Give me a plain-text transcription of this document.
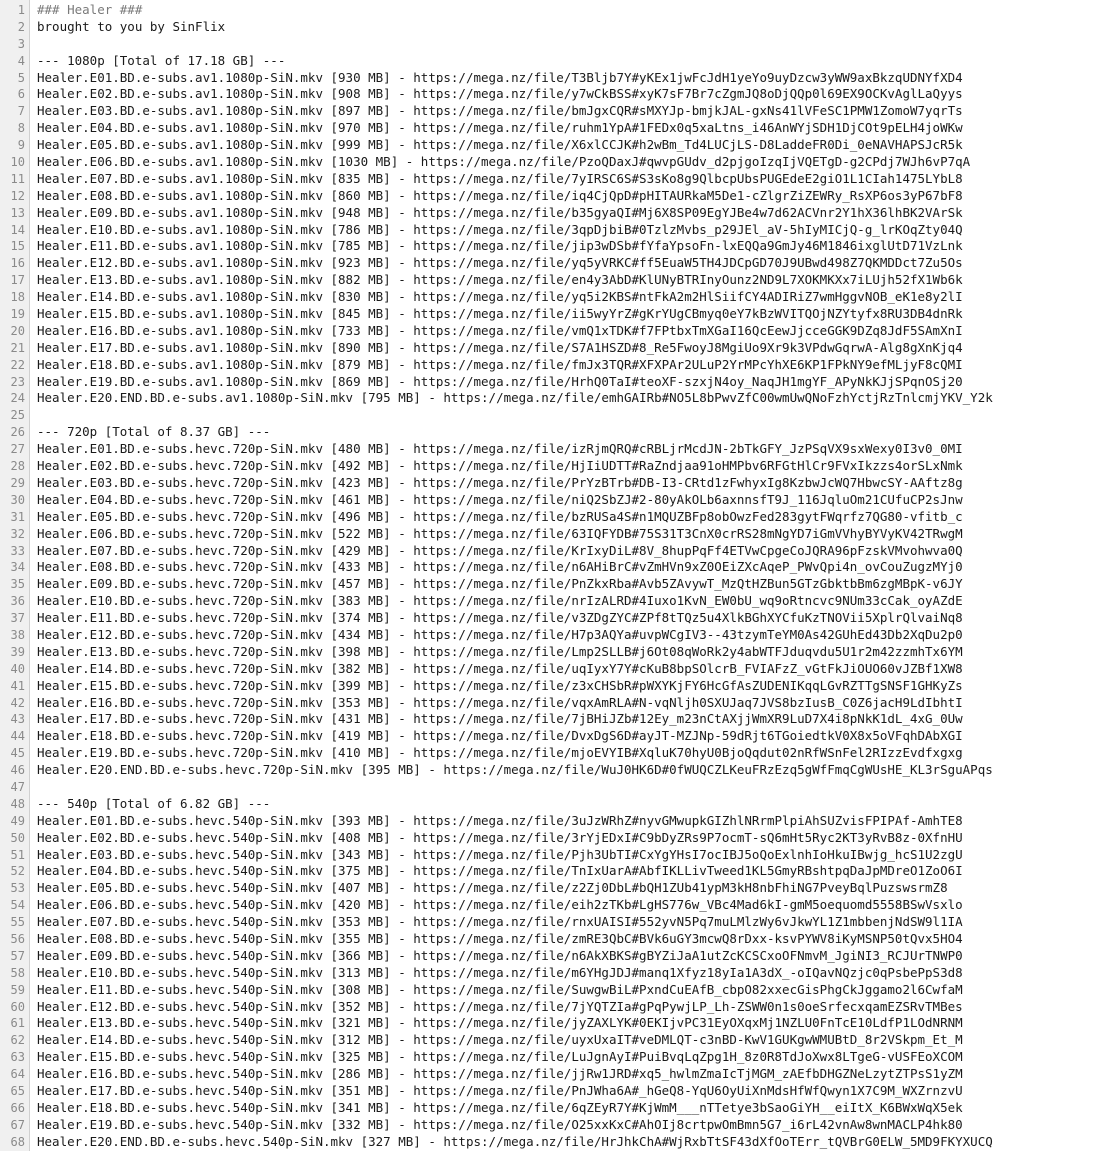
1
2
3
4
5
6
7
8
9
10
11
12
13
14
15
16
17
18
19
20
21
22
23
24
25
26
27
28
29
30
31
32
33
34
35
36
37
38
39
40
41
42
43
44
45
46
47
48
49
50
51
52
53
54
55
56
57
58
59
60
61
62
63
64
65
66
67
68
### Healer ###
brought to you by SinFlix

--- 1080p [Total of 17.18 GB] ---
Healer.E01.BD.e-subs.av1.1080p-SiN.mkv [930 MB] - https://mega.nz/file/T3Bljb7Y#yKEx1jwFcJdH1yeYo9uyDzcw3yWW9axBkzqUDNYfXD4
Healer.E02.BD.e-subs.av1.1080p-SiN.mkv [908 MB] - https://mega.nz/file/y7wCkBSS#xyK7sF7Br7cZgmJQ8oDjQQp0l69EX9OCKvAglLaQyys
Healer.E03.BD.e-subs.av1.1080p-SiN.mkv [897 MB] - https://mega.nz/file/bmJgxCQR#sMXYJp-bmjkJAL-gxNs41lVFeSC1PMW1ZomoW7yqrTs
Healer.E04.BD.e-subs.av1.1080p-SiN.mkv [970 MB] - https://mega.nz/file/ruhm1YpA#1FEDx0q5xaLtns_i46AnWYjSDH1DjCOt9pELH4joWKw
Healer.E05.BD.e-subs.av1.1080p-SiN.mkv [999 MB] - https://mega.nz/file/X6xlCCJK#h2wBm_Td4LUCjLS-D8LaddeFR0Di_0eNAVHAPSJcR5k
Healer.E06.BD.e-subs.av1.1080p-SiN.mkv [1030 MB] - https://mega.nz/file/PzoQDaxJ#qwvpGUdv_d2pjgoIzqIjVQETgD-g2CPdj7WJh6vP7qA
Healer.E07.BD.e-subs.av1.1080p-SiN.mkv [835 MB] - https://mega.nz/file/7yIRSC6S#S3sKo8g9QlbcpUbsPUGEdeE2giO1L1CIah1475LYbL8
Healer.E08.BD.e-subs.av1.1080p-SiN.mkv [860 MB] - https://mega.nz/file/iq4CjQpD#pHITAURkaM5De1-cZlgrZiZEWRy_RsXP6os3yP67bF8
Healer.E09.BD.e-subs.av1.1080p-SiN.mkv [948 MB] - https://mega.nz/file/b35gyaQI#Mj6X8SP09EgYJBe4w7d62ACVnr2Y1hX36lhBK2VArSk
Healer.E10.BD.e-subs.av1.1080p-SiN.mkv [786 MB] - https://mega.nz/file/3qpDjbiB#0TzlzMvbs_p29JEl_aV-5hIyMICjQ-g_lrKOqZty04Q
Healer.E11.BD.e-subs.av1.1080p-SiN.mkv [785 MB] - https://mega.nz/file/jip3wDSb#fYfaYpsoFn-lxEQQa9GmJy46M1846ixglUtD71VzLnk
Healer.E12.BD.e-subs.av1.1080p-SiN.mkv [923 MB] - https://mega.nz/file/yq5yVRKC#ff5EuaW5TH4JDCpGD70J9UBwd498Z7QKMDDct7Zu5Os
Healer.E13.BD.e-subs.av1.1080p-SiN.mkv [882 MB] - https://mega.nz/file/en4y3AbD#KlUNyBTRInyOunz2ND9L7XOKMKXx7iLUjh52fX1Wb6k
Healer.E14.BD.e-subs.av1.1080p-SiN.mkv [830 MB] - https://mega.nz/file/yq5i2KBS#ntFkA2m2HlSiifCY4ADIRiZ7wmHggvNOB_eK1e8y2lI
Healer.E15.BD.e-subs.av1.1080p-SiN.mkv [845 MB] - https://mega.nz/file/ii5wyYrZ#gKrYUgCBmyq0eY7kBzWVITQOjNZYtyfx8RU3DB4dnRk
Healer.E16.BD.e-subs.av1.1080p-SiN.mkv [733 MB] - https://mega.nz/file/vmQ1xTDK#f7FPtbxTmXGaI16QcEewJjcceGGK9DZq8JdF5SAmXnI
Healer.E17.BD.e-subs.av1.1080p-SiN.mkv [890 MB] - https://mega.nz/file/S7A1HSZD#8_Re5FwoyJ8MgiUo9Xr9k3VPdwGqrwA-Alg8gXnKjq4
Healer.E18.BD.e-subs.av1.1080p-SiN.mkv [879 MB] - https://mega.nz/file/fmJx3TQR#XFXPAr2ULuP2YrMPcYhXE6KP1FPkNY9efMLjyF8cQMI
Healer.E19.BD.e-subs.av1.1080p-SiN.mkv [869 MB] - https://mega.nz/file/HrhQ0TaI#teoXF-szxjN4oy_NaqJH1mgYF_APyNkKJjSPqnOSj20
Healer.E20.END.BD.e-subs.av1.1080p-SiN.mkv [795 MB] - https://mega.nz/file/emhGAIRb#NO5L8bPwvZfC00wmUwQNoFzhYctjRzTnlcmjYKV_Y2k

--- 720p [Total of 8.37 GB] ---
Healer.E01.BD.e-subs.hevc.720p-SiN.mkv [480 MB] - https://mega.nz/file/izRjmQRQ#cRBLjrMcdJN-2bTkGFY_JzPSqVX9sxWexy0I3v0_0MI
Healer.E02.BD.e-subs.hevc.720p-SiN.mkv [492 MB] - https://mega.nz/file/HjIiUDTT#RaZndjaa91oHMPbv6RFGtHlCr9FVxIkzzs4orSLxNmk
Healer.E03.BD.e-subs.hevc.720p-SiN.mkv [423 MB] - https://mega.nz/file/PrYzBTrb#DB-I3-CRtd1zFwhyxIg8KzbwJcWQ7HbwcSY-AAftz8g
Healer.E04.BD.e-subs.hevc.720p-SiN.mkv [461 MB] - https://mega.nz/file/niQ2SbZJ#2-80yAkOLb6axnnsfT9J_116JqluOm21CUfuCP2sJnw
Healer.E05.BD.e-subs.hevc.720p-SiN.mkv [496 MB] - https://mega.nz/file/bzRUSa4S#n1MQUZBFp8obOwzFed283gytFWqrfz7QG80-vfitb_c
Healer.E06.BD.e-subs.hevc.720p-SiN.mkv [522 MB] - https://mega.nz/file/63IQFYDB#75S31T3CnX0crRS28mNgYD7iGmVVhyBYVyKV42TRwgM
Healer.E07.BD.e-subs.hevc.720p-SiN.mkv [429 MB] - https://mega.nz/file/KrIxyDiL#8V_8hupPqFf4ETVwCpgeCoJQRA96pFzskVMvohwva0Q
Healer.E08.BD.e-subs.hevc.720p-SiN.mkv [433 MB] - https://mega.nz/file/n6AHiBrC#vZmHVn9xZ0OEiZXcAqeP_PWvQpi4n_ovCouZugzMYj0
Healer.E09.BD.e-subs.hevc.720p-SiN.mkv [457 MB] - https://mega.nz/file/PnZkxRba#Avb5ZAvywT_MzQtHZBun5GTzGbktbBm6zgMBpK-v6JY
Healer.E10.BD.e-subs.hevc.720p-SiN.mkv [383 MB] - https://mega.nz/file/nrIzALRD#4Iuxo1KvN_EW0bU_wq9oRtncvc9NUm33cCak_oyAZdE
Healer.E11.BD.e-subs.hevc.720p-SiN.mkv [374 MB] - https://mega.nz/file/v3ZDgZYC#ZPf8tTQz5u4XlkBGhXYCfuKzTNOVii5XplrQlvaiNq8
Healer.E12.BD.e-subs.hevc.720p-SiN.mkv [434 MB] - https://mega.nz/file/H7p3AQYa#uvpWCgIV3--43tzymTeYM0As42GUhEd43Db2XqDu2p0
Healer.E13.BD.e-subs.hevc.720p-SiN.mkv [398 MB] - https://mega.nz/file/Lmp2SLLB#j6Ot08qWoRk2y4abWTFJduqvdu5U1r2m42zzmhTx6YM
Healer.E14.BD.e-subs.hevc.720p-SiN.mkv [382 MB] - https://mega.nz/file/uqIyxY7Y#cKuB8bpSOlcrB_FVIAFzZ_vGtFkJiOUO60vJZBf1XW8
Healer.E15.BD.e-subs.hevc.720p-SiN.mkv [399 MB] - https://mega.nz/file/z3xCHSbR#pWXYKjFY6HcGfAsZUDENIKqqLGvRZTTgSNSF1GHKyZs
Healer.E16.BD.e-subs.hevc.720p-SiN.mkv [353 MB] - https://mega.nz/file/vqxAmRLA#N-vqNljh0SXUJaq7JVS8bzIusB_C0Z6jacH9LdIbhtI
Healer.E17.BD.e-subs.hevc.720p-SiN.mkv [431 MB] - https://mega.nz/file/7jBHiJZb#12Ey_m23nCtAXjjWmXR9LuD7X4i8pNkK1dL_4xG_0Uw
Healer.E18.BD.e-subs.hevc.720p-SiN.mkv [419 MB] - https://mega.nz/file/DvxDgS6D#ayJT-MZJNp-59dRjt6TGoiedtkV0X8x5oVFqhDAbXGI
Healer.E19.BD.e-subs.hevc.720p-SiN.mkv [410 MB] - https://mega.nz/file/mjoEVYIB#XqluK70hyU0BjoQqdut02nRfWSnFel2RIzzEvdfxgxg
Healer.E20.END.BD.e-subs.hevc.720p-SiN.mkv [395 MB] - https://mega.nz/file/WuJ0HK6D#0fWUQCZLKeuFRzEzq5gWfFmqCgWUsHE_KL3rSguAPqs

--- 540p [Total of 6.82 GB] ---
Healer.E01.BD.e-subs.hevc.540p-SiN.mkv [393 MB] - https://mega.nz/file/3uJzWRhZ#nyvGMwupkGIZhlNRrmPlpiAhSUZvisFPIPAf-AmhTE8
Healer.E02.BD.e-subs.hevc.540p-SiN.mkv [408 MB] - https://mega.nz/file/3rYjEDxI#C9bDyZRs9P7ocmT-sQ6mHt5Ryc2KT3yRvB8z-0XfnHU
Healer.E03.BD.e-subs.hevc.540p-SiN.mkv [343 MB] - https://mega.nz/file/Pjh3UbTI#CxYgYHsI7ocIBJ5oQoExlnhIoHkuIBwjg_hcS1U2zgU
Healer.E04.BD.e-subs.hevc.540p-SiN.mkv [375 MB] - https://mega.nz/file/TnIxUarA#AbfIKLLivTweed1KL5GmyRBshtpqDaJpMDreO1ZoO6I
Healer.E05.BD.e-subs.hevc.540p-SiN.mkv [407 MB] - https://mega.nz/file/z2Zj0DbL#bQH1ZUb41ypM3kH8nbFhiNG7PveyBqlPuzswsrmZ8
Healer.E06.BD.e-subs.hevc.540p-SiN.mkv [420 MB] - https://mega.nz/file/eih2zTKb#LgHS776w_VBc4Mad6kI-gmM5oequomd5558BSwVsxlo
Healer.E07.BD.e-subs.hevc.540p-SiN.mkv [353 MB] - https://mega.nz/file/rnxUAISI#552yvN5Pq7muLMlzWy6vJkwYL1Z1mbbenjNdSW9l1IA
Healer.E08.BD.e-subs.hevc.540p-SiN.mkv [355 MB] - https://mega.nz/file/zmRE3QbC#BVk6uGY3mcwQ8rDxx-ksvPYWV8iKyMSNP50tQvx5HO4
Healer.E09.BD.e-subs.hevc.540p-SiN.mkv [366 MB] - https://mega.nz/file/n6AkXBKS#gBYZiJaA1utZcKCSCxoOFNmvM_JgiNI3_RCJUrTNWP0
Healer.E10.BD.e-subs.hevc.540p-SiN.mkv [313 MB] - https://mega.nz/file/m6YHgJDJ#manq1Xfyz18yIa1A3dX_-oIQavNQzjc0qPsbePpS3d8
Healer.E11.BD.e-subs.hevc.540p-SiN.mkv [308 MB] - https://mega.nz/file/SuwgwBiL#PxndCuEAfB_cbpO82xxecGisPhgCkJggamo2l6CwfaM
Healer.E12.BD.e-subs.hevc.540p-SiN.mkv [352 MB] - https://mega.nz/file/7jYQTZIa#gPqPywjLP_Lh-ZSWW0n1s0oeSrfecxqamEZSRvTMBes
Healer.E13.BD.e-subs.hevc.540p-SiN.mkv [321 MB] - https://mega.nz/file/jyZAXLYK#0EKIjvPC31EyOXqxMj1NZLU0FnTcE10LdfP1LOdNRNM
Healer.E14.BD.e-subs.hevc.540p-SiN.mkv [312 MB] - https://mega.nz/file/uyxUxaIT#veDMLQT-c3nBD-KwV1GUKgwWMUBtD_8r2VSkpm_Et_M
Healer.E15.BD.e-subs.hevc.540p-SiN.mkv [325 MB] - https://mega.nz/file/LuJgnAyI#PuiBvqLqZpg1H_8z0R8TdJoXwx8LTgeG-vUSFEoXCOM
Healer.E16.BD.e-subs.hevc.540p-SiN.mkv [286 MB] - https://mega.nz/file/jjRw1JRD#xq5_hwlmZmaIcTjMGM_zAEfbDHGZNeLzytZTPsS1yZM
Healer.E17.BD.e-subs.hevc.540p-SiN.mkv [351 MB] - https://mega.nz/file/PnJWha6A#_hGeQ8-YqU6OyUiXnMdsHfWfQwyn1X7C9M_WXZrnzvU
Healer.E18.BD.e-subs.hevc.540p-SiN.mkv [341 MB] - https://mega.nz/file/6qZEyR7Y#KjWmM___nTTetye3bSaoGiYH__eiItX_K6BWxWqX5ek
Healer.E19.BD.e-subs.hevc.540p-SiN.mkv [332 MB] - https://mega.nz/file/O25xxKxC#AhOIj8crtpwOmBmn5G7_i6rL42vnAw8wnMACLP4hk80
Healer.E20.END.BD.e-subs.hevc.540p-SiN.mkv [327 MB] - https://mega.nz/file/HrJhkChA#WjRxbTtSF43dXfOoTErr_tQVBrG0ELW_5MD9FKYXUCQ
